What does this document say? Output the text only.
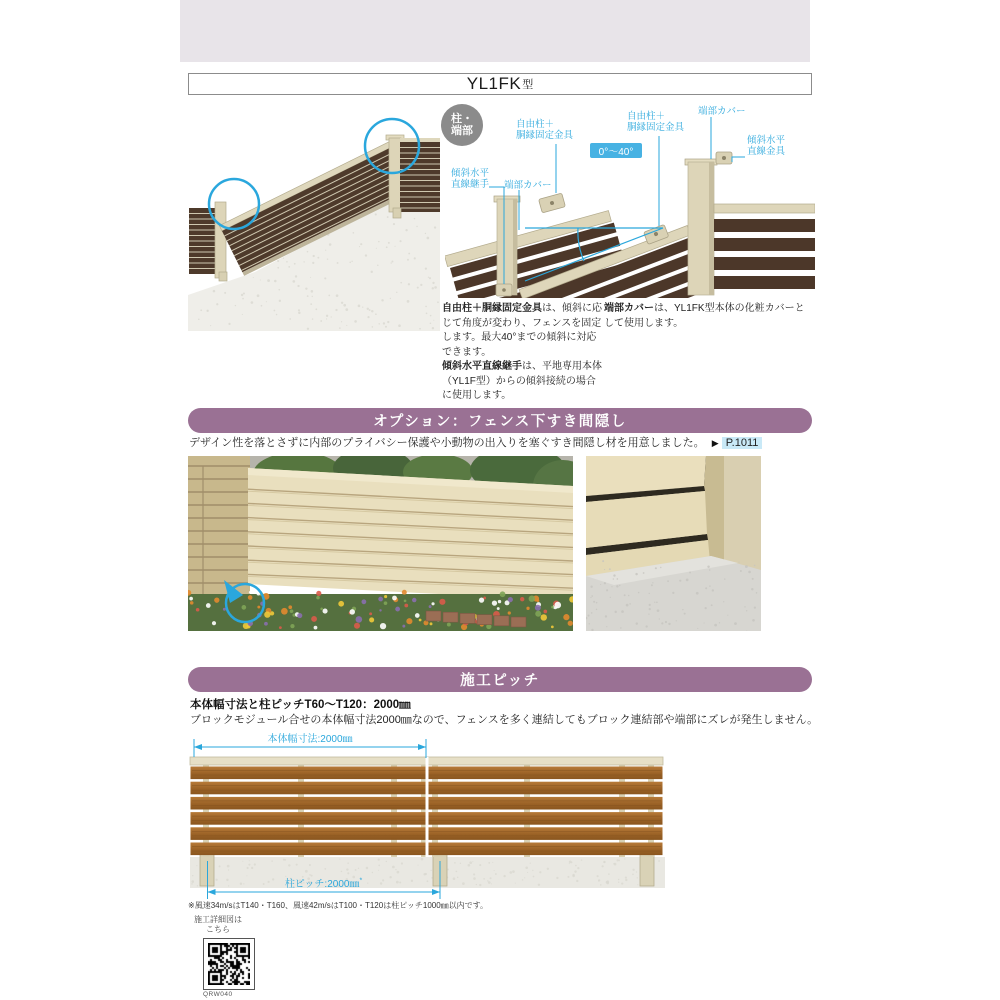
YL1FK 型
柱・
端部
自由柱＋
胴縁固定金具
傾斜水平
直線継手 端部カバー
0°～40°
自由柱＋
胴縁固定金具
端部カバー
傾斜水平
直線金具

自由柱＋胴縁固定金具は、傾斜に応じて角度が変わり、フェンスを固定します。最大40°までの傾斜に対応できます。

傾斜水平直線継手は、平地専用本体（YL1F型）からの傾斜接続の場合に使用します。

端部カバーは、YL1FK型本体の化粧カバーとして使用します。

オプション：フェンス下すき間隠し
デザイン性を落とさずに内部のプライバシー保護や小動物の出入りを塞ぐすき間隠し材を用意しました。 ▶ P.1011
施工ピッチ
本体幅寸法と柱ピッチT60～T120：2000㎜
ブロックモジュール合せの本体幅寸法2000㎜なので、フェンスを多く連結してもブロック連結部や端部にズレが発生しません。
本体幅寸法:2000㎜
柱ピッチ:2000㎜*
※風速34m/sはT140・T160、風速42m/sはT100・T120は柱ピッチ1000㎜以内です。
施工詳細図は
こちら
QRW040
